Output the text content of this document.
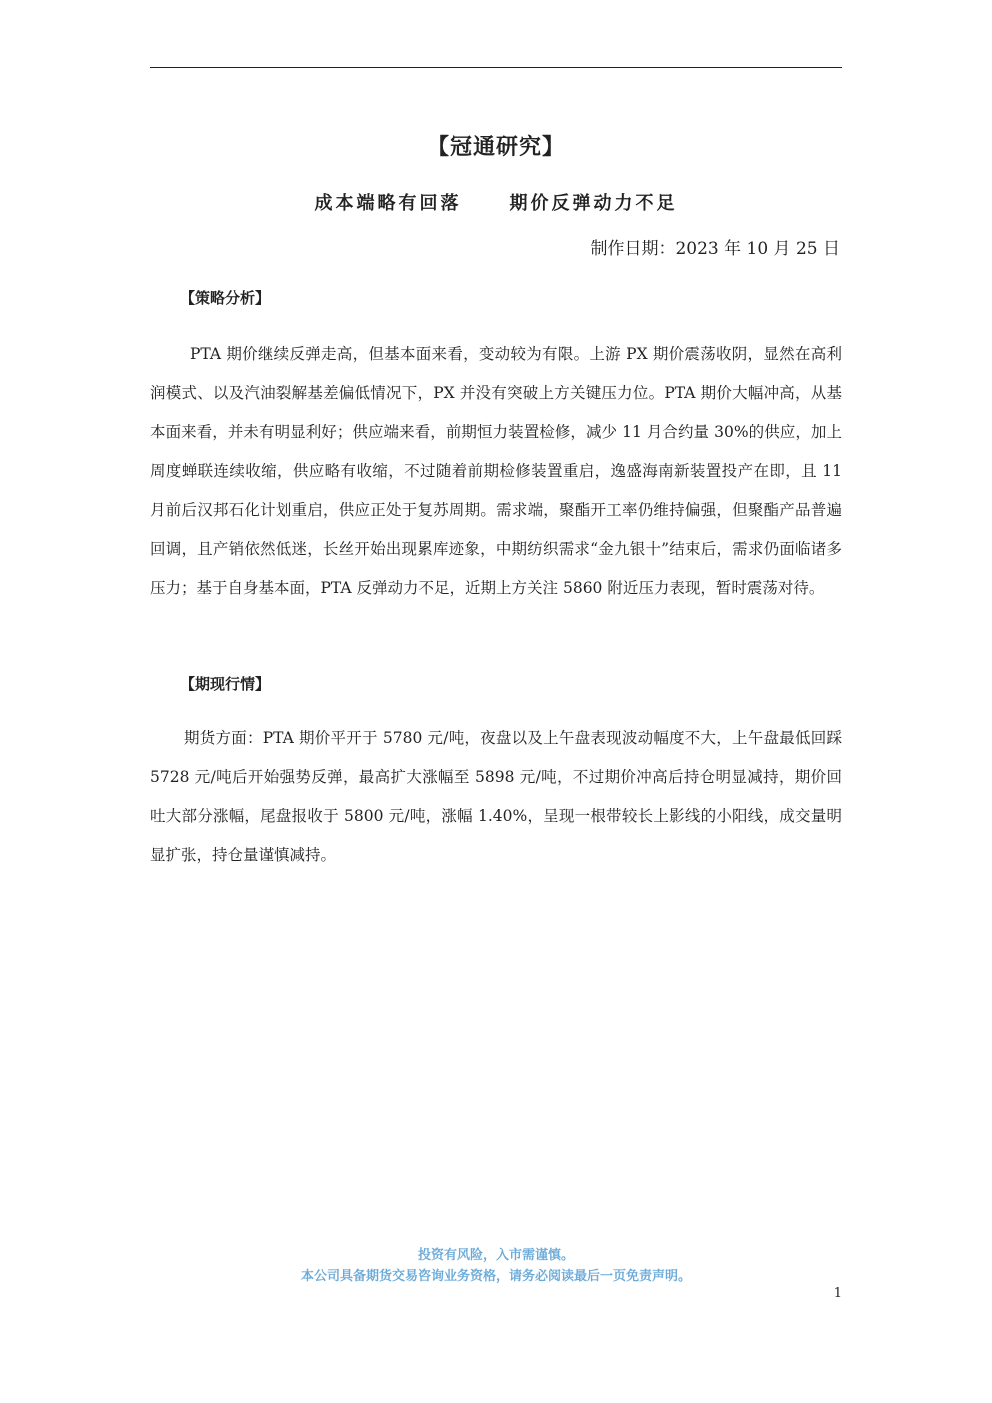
【冠通研究】
成本端略有回落	期价反弹动力不足
制作日期：2023 年 10 月 25 日
【策略分析】

PTA 期价继续反弹走高，但基本面来看，变动较为有限。上游 PX 期价震荡收阴，显然在高利润模式、以及汽油裂解基差偏低情况下，PX 并没有突破上方关键压力位。PTA 期价大幅冲高，从基本面来看，并未有明显利好；供应端来看，前期恒力装置检修，减少 11 月合约量 30%的供应，加上周度蝉联连续收缩，供应略有收缩，不过随着前期检修装置重启，逸盛海南新装置投产在即，且 11 月前后汉邦石化计划重启，供应正处于复苏周期。需求端，聚酯开工率仍维持偏强，但聚酯产品普遍回调，且产销依然低迷，长丝开始出现累库迹象，中期纺织需求“金九银十”结束后，需求仍面临诸多压力；基于自身基本面，PTA 反弹动力不足，近期上方关注 5860 附近压力表现，暂时震荡对待。

【期现行情】

期货方面：PTA 期价平开于 5780 元/吨，夜盘以及上午盘表现波动幅度不大，上午盘最低回踩 5728 元/吨后开始强势反弹，最高扩大涨幅至 5898 元/吨，不过期价冲高后持仓明显减持，期价回吐大部分涨幅，尾盘报收于 5800 元/吨，涨幅 1.40%，呈现一根带较长上影线的小阳线，成交量明显扩张，持仓量谨慎减持。

投资有风险，入市需谨慎。
本公司具备期货交易咨询业务资格，请务必阅读最后一页免责声明。
1
